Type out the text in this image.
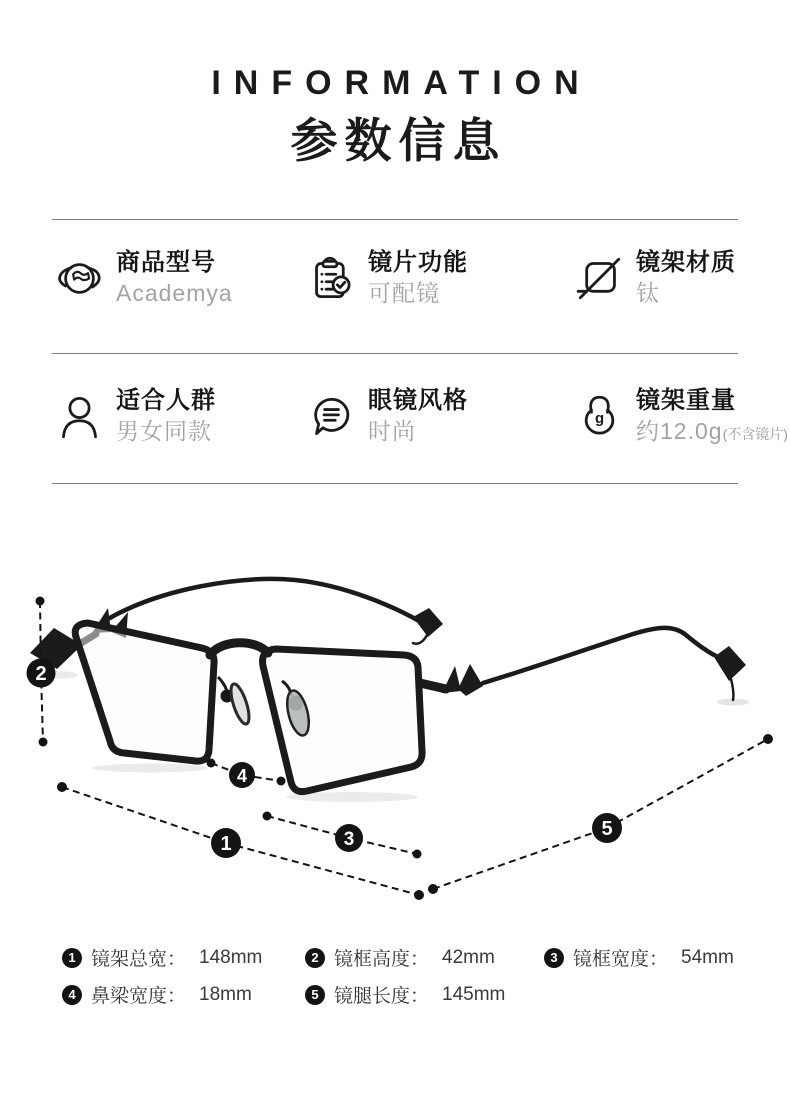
INFORMATION
参数信息
商品型号
Academya
镜片功能
可配镜
镜架材质
钛
适合人群
男女同款
眼镜风格
时尚
g
镜架重量
约12.0g(不含镜片)
2
4
1	3	5
1 镜架总宽： 148mm	2 镜框高度： 42mm	3 镜框宽度： 54mm
4 鼻梁宽度： 18mm	5 镜腿长度： 145mm
